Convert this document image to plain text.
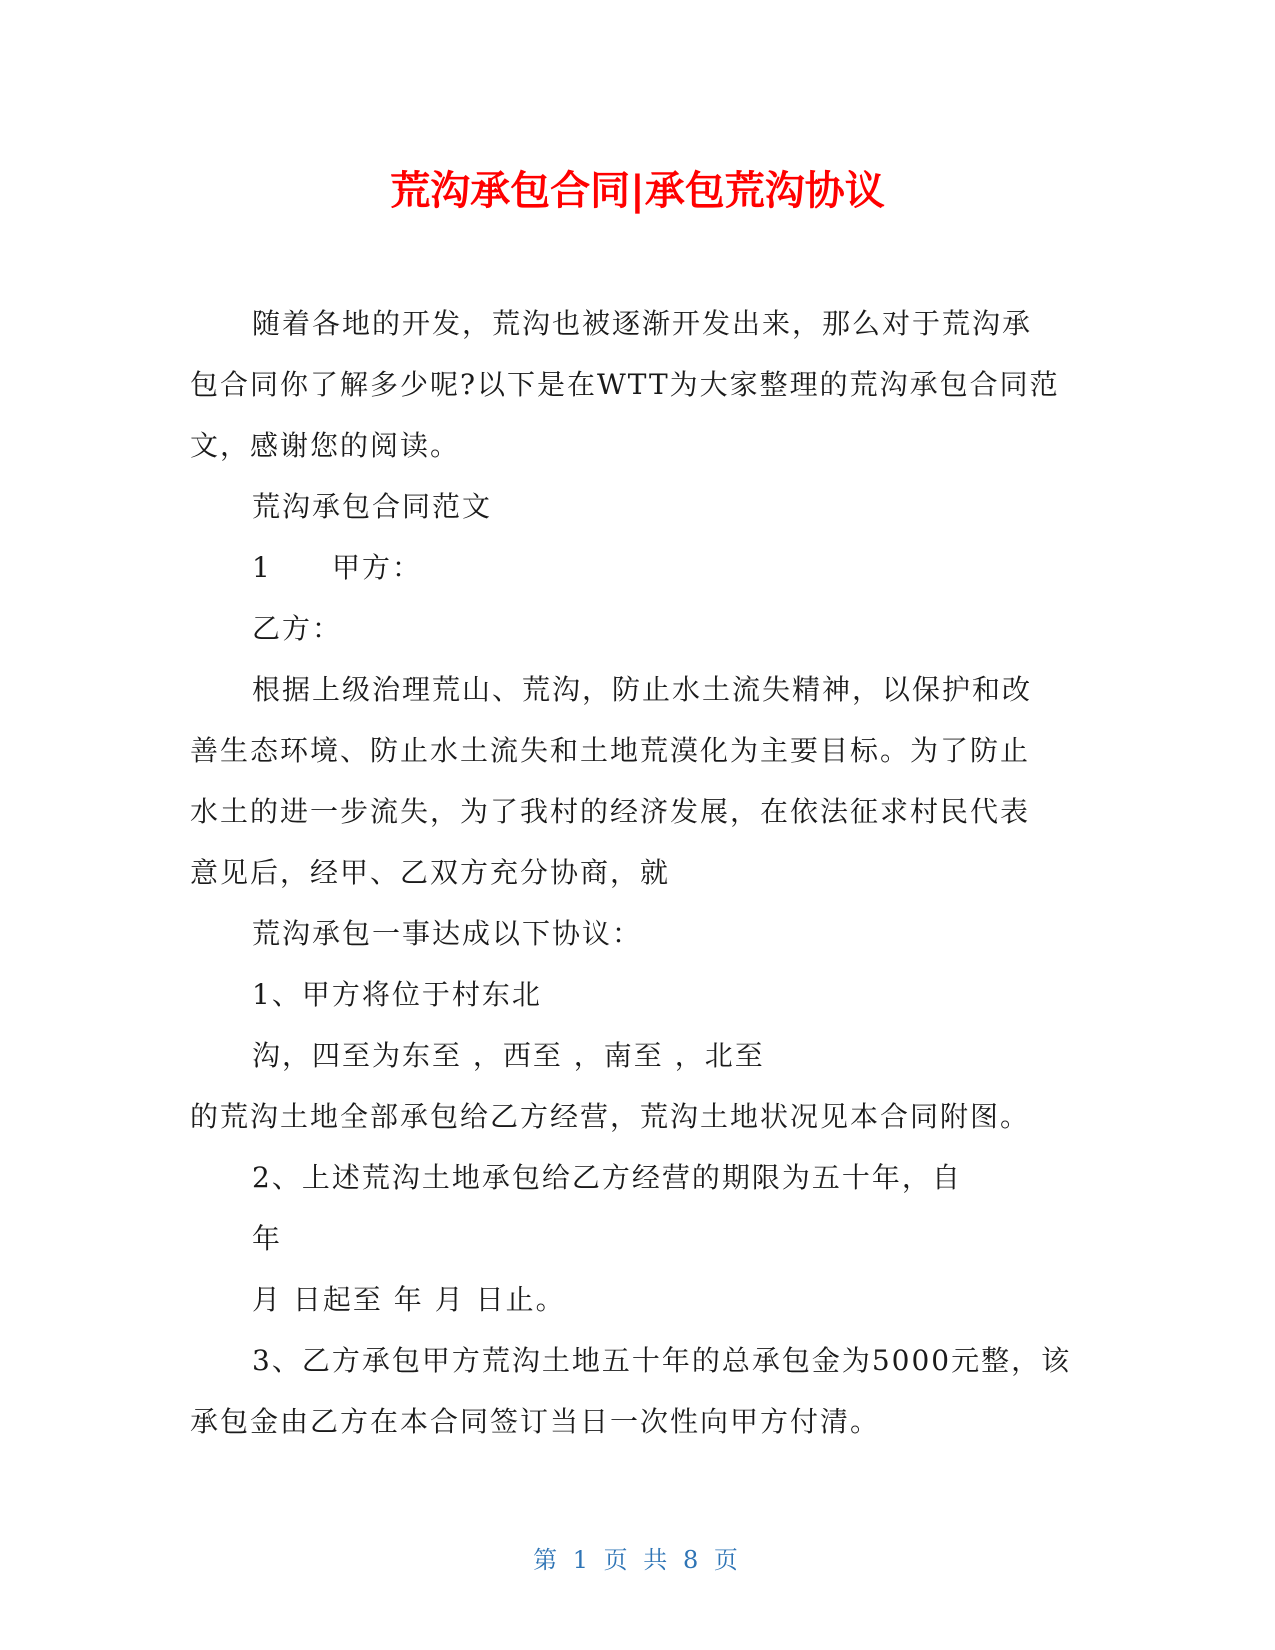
荒沟承包合同|承包荒沟协议

随着各地的开发，荒沟也被逐渐开发出来，那么对于荒沟承

包合同你了解多少呢?以下是在WTT为大家整理的荒沟承包合同范

文，感谢您的阅读。

荒沟承包合同范文

1 甲方：

乙方：

根据上级治理荒山、荒沟，防止水土流失精神，以保护和改

善生态环境、防止水土流失和土地荒漠化为主要目标。为了防止

水土的进一步流失，为了我村的经济发展，在依法征求村民代表

意见后，经甲、乙双方充分协商，就

荒沟承包一事达成以下协议：

1、甲方将位于村东北

沟，四至为东至 ，西至 ，南至 ，北至

的荒沟土地全部承包给乙方经营，荒沟土地状况见本合同附图。

2、上述荒沟土地承包给乙方经营的期限为五十年，自

年

月 日起至 年 月 日止。

3、乙方承包甲方荒沟土地五十年的总承包金为5000元整，该

承包金由乙方在本合同签订当日一次性向甲方付清。

第 1 页 共 8 页
